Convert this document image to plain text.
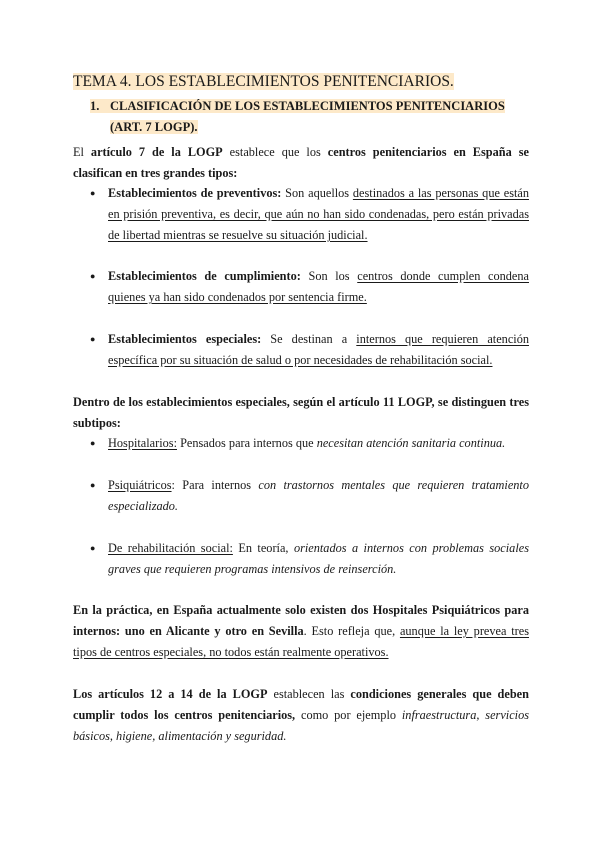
TEMA 4. LOS ESTABLECIMIENTOS PENITENCIARIOS.
1. CLASIFICACIÓN DE LOS ESTABLECIMIENTOS PENITENCIARIOS
(ART. 7 LOGP).
El artículo 7 de la LOGP establece que los centros penitenciarios en España se clasifican en tres grandes tipos:
● Establecimientos de preventivos: Son aquellos destinados a las personas que están en prisión preventiva, es decir, que aún no han sido condenadas, pero están privadas de libertad mientras se resuelve su situación judicial.
● Establecimientos de cumplimiento: Son los centros donde cumplen condena quienes ya han sido condenados por sentencia firme.
● Establecimientos especiales: Se destinan a internos que requieren atención específica por su situación de salud o por necesidades de rehabilitación social.
Dentro de los establecimientos especiales, según el artículo 11 LOGP, se distinguen tres subtipos:
● Hospitalarios: Pensados para internos que necesitan atención sanitaria continua.
● Psiquiátricos: Para internos con trastornos mentales que requieren tratamiento especializado.
● De rehabilitación social: En teoría, orientados a internos con problemas sociales graves que requieren programas intensivos de reinserción.
En la práctica, en España actualmente solo existen dos Hospitales Psiquiátricos para internos: uno en Alicante y otro en Sevilla. Esto refleja que, aunque la ley prevea tres tipos de centros especiales, no todos están realmente operativos.
Los artículos 12 a 14 de la LOGP establecen las condiciones generales que deben cumplir todos los centros penitenciarios, como por ejemplo infraestructura, servicios básicos, higiene, alimentación y seguridad.
